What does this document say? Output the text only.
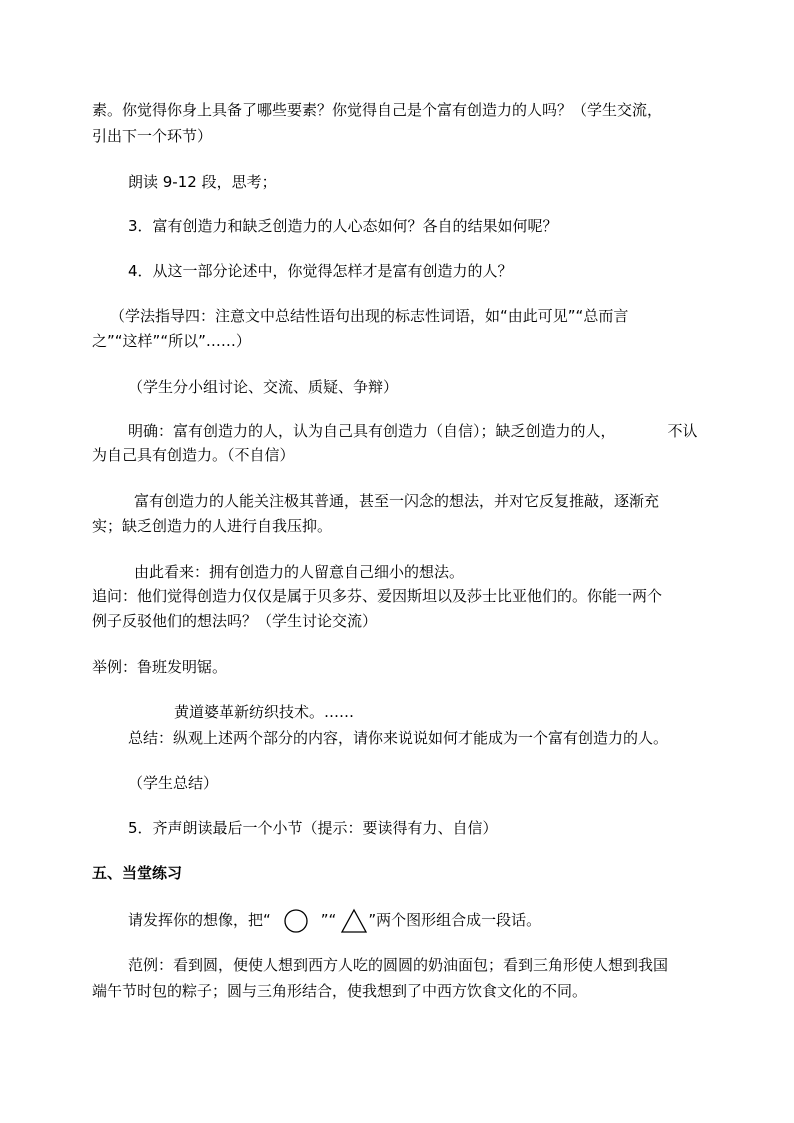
素。你觉得你身上具备了哪些要素？你觉得自己是个富有创造力的人吗？（学生交流，

引出下一个环节）

朗读 9-12 段，思考；

3．富有创造力和缺乏创造力的人心态如何？各自的结果如何呢？

4．从这一部分论述中，你觉得怎样才是富有创造力的人？

（学法指导四：注意文中总结性语句出现的标志性词语，如“由此可见”“总而言

之”“这样”“所以”……）

（学生分小组讨论、交流、质疑、争辩）

明确：富有创造力的人，认为自己具有创造力（自信）；缺乏创造力的人，	不认

为自己具有创造力。（不自信）

富有创造力的人能关注极其普通，甚至一闪念的想法，并对它反复推敲，逐渐充

实；缺乏创造力的人进行自我压抑。

由此看来：拥有创造力的人留意自己细小的想法。

追问：他们觉得创造力仅仅是属于贝多芬、爱因斯坦以及莎士比亚他们的。你能一两个

例子反驳他们的想法吗？（学生讨论交流）

举例：鲁班发明锯。

黄道婆革新纺织技术。……

总结：纵观上述两个部分的内容，请你来说说如何才能成为一个富有创造力的人。

（学生总结）

5．齐声朗读最后一个小节（提示：要读得有力、自信）

五、当堂练习

请发挥你的想像，把“	”“ ”两个图形组合成一段话。

范例：看到圆，便使人想到西方人吃的圆圆的奶油面包；看到三角形使人想到我国

端午节时包的粽子；圆与三角形结合，使我想到了中西方饮食文化的不同。
